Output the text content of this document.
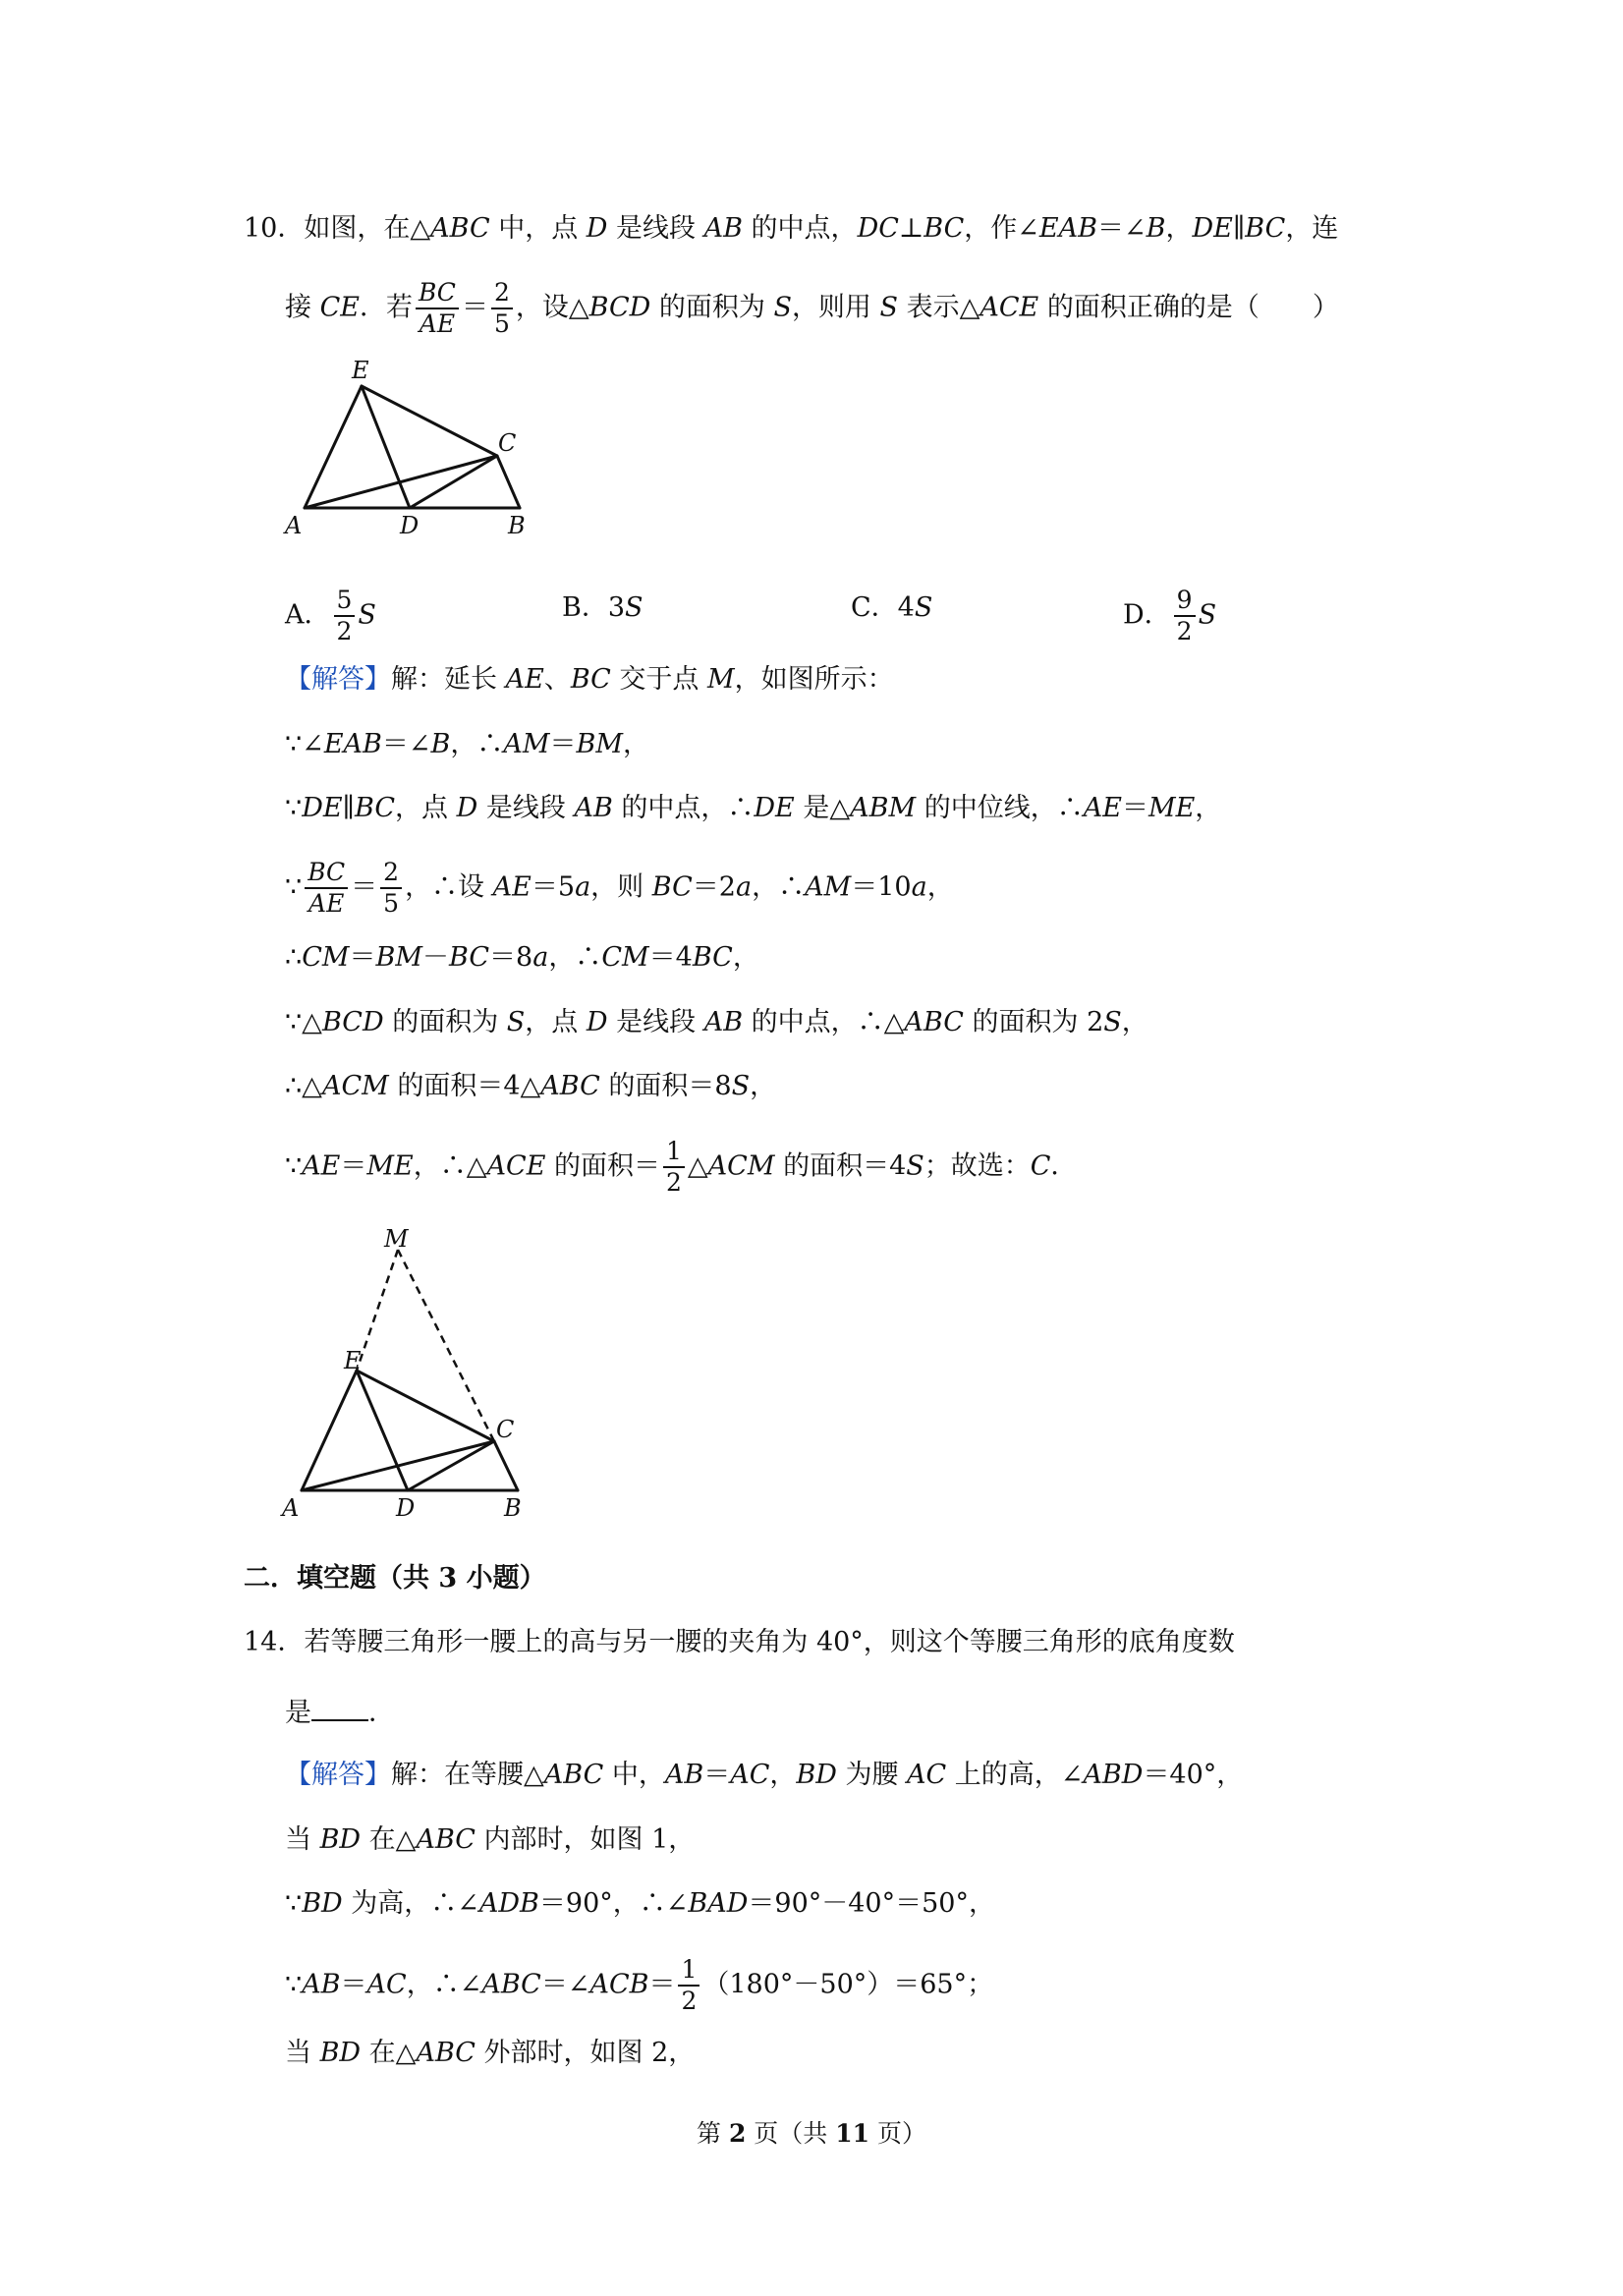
10．如图，在△ABC 中，点 D 是线段 AB 的中点，DC⊥BC，作∠EAB＝∠B，DE∥BC，连
接 CE．若 $\frac{BC}{AE} = \frac{2}{5}$ ，设△BCD 的面积为 S，则用 S 表示△ACE 的面积正确的是（　　）
E
C
A	D	B
A． $\frac{5}{2}$ S	B．3S	C．4S	D． $\frac{9}{2}$ S
【解答】解：延长 AE、BC 交于点 M，如图所示：
∵∠EAB＝∠B，∴AM＝BM，
∵DE∥BC，点 D 是线段 AB 的中点，∴DE 是△ABM 的中位线，∴AE＝ME，
∵ $\frac{BC}{AE} = \frac{2}{5}$ ，∴设 AE＝5a，则 BC＝2a，∴AM＝10a，
∴CM＝BM－BC＝8a，∴CM＝4BC，
∵△BCD 的面积为 S，点 D 是线段 AB 的中点，∴△ABC 的面积为 2S，
∴△ACM 的面积＝4△ABC 的面积＝8S，
∵AE＝ME，∴△ACE 的面积＝ $\frac{1}{2}$ △ACM 的面积＝4S；故选：C．
M
E
C
A	D	B
二．填空题（共 3 小题）
14．若等腰三角形一腰上的高与另一腰的夹角为 40°，则这个等腰三角形的底角度数
是 ．
【解答】解：在等腰△ABC 中，AB＝AC，BD 为腰 AC 上的高，∠ABD＝40°，
当 BD 在△ABC 内部时，如图 1，
∵BD 为高，∴∠ADB＝90°，∴∠BAD＝90°－40°＝50°，
∵AB＝AC，∴∠ABC＝∠ACB＝ $\frac{1}{2} (180^\circ-50^\circ)=65^\circ$；
当 BD 在△ABC 外部时，如图 2，
第 2 页（共 11 页）
